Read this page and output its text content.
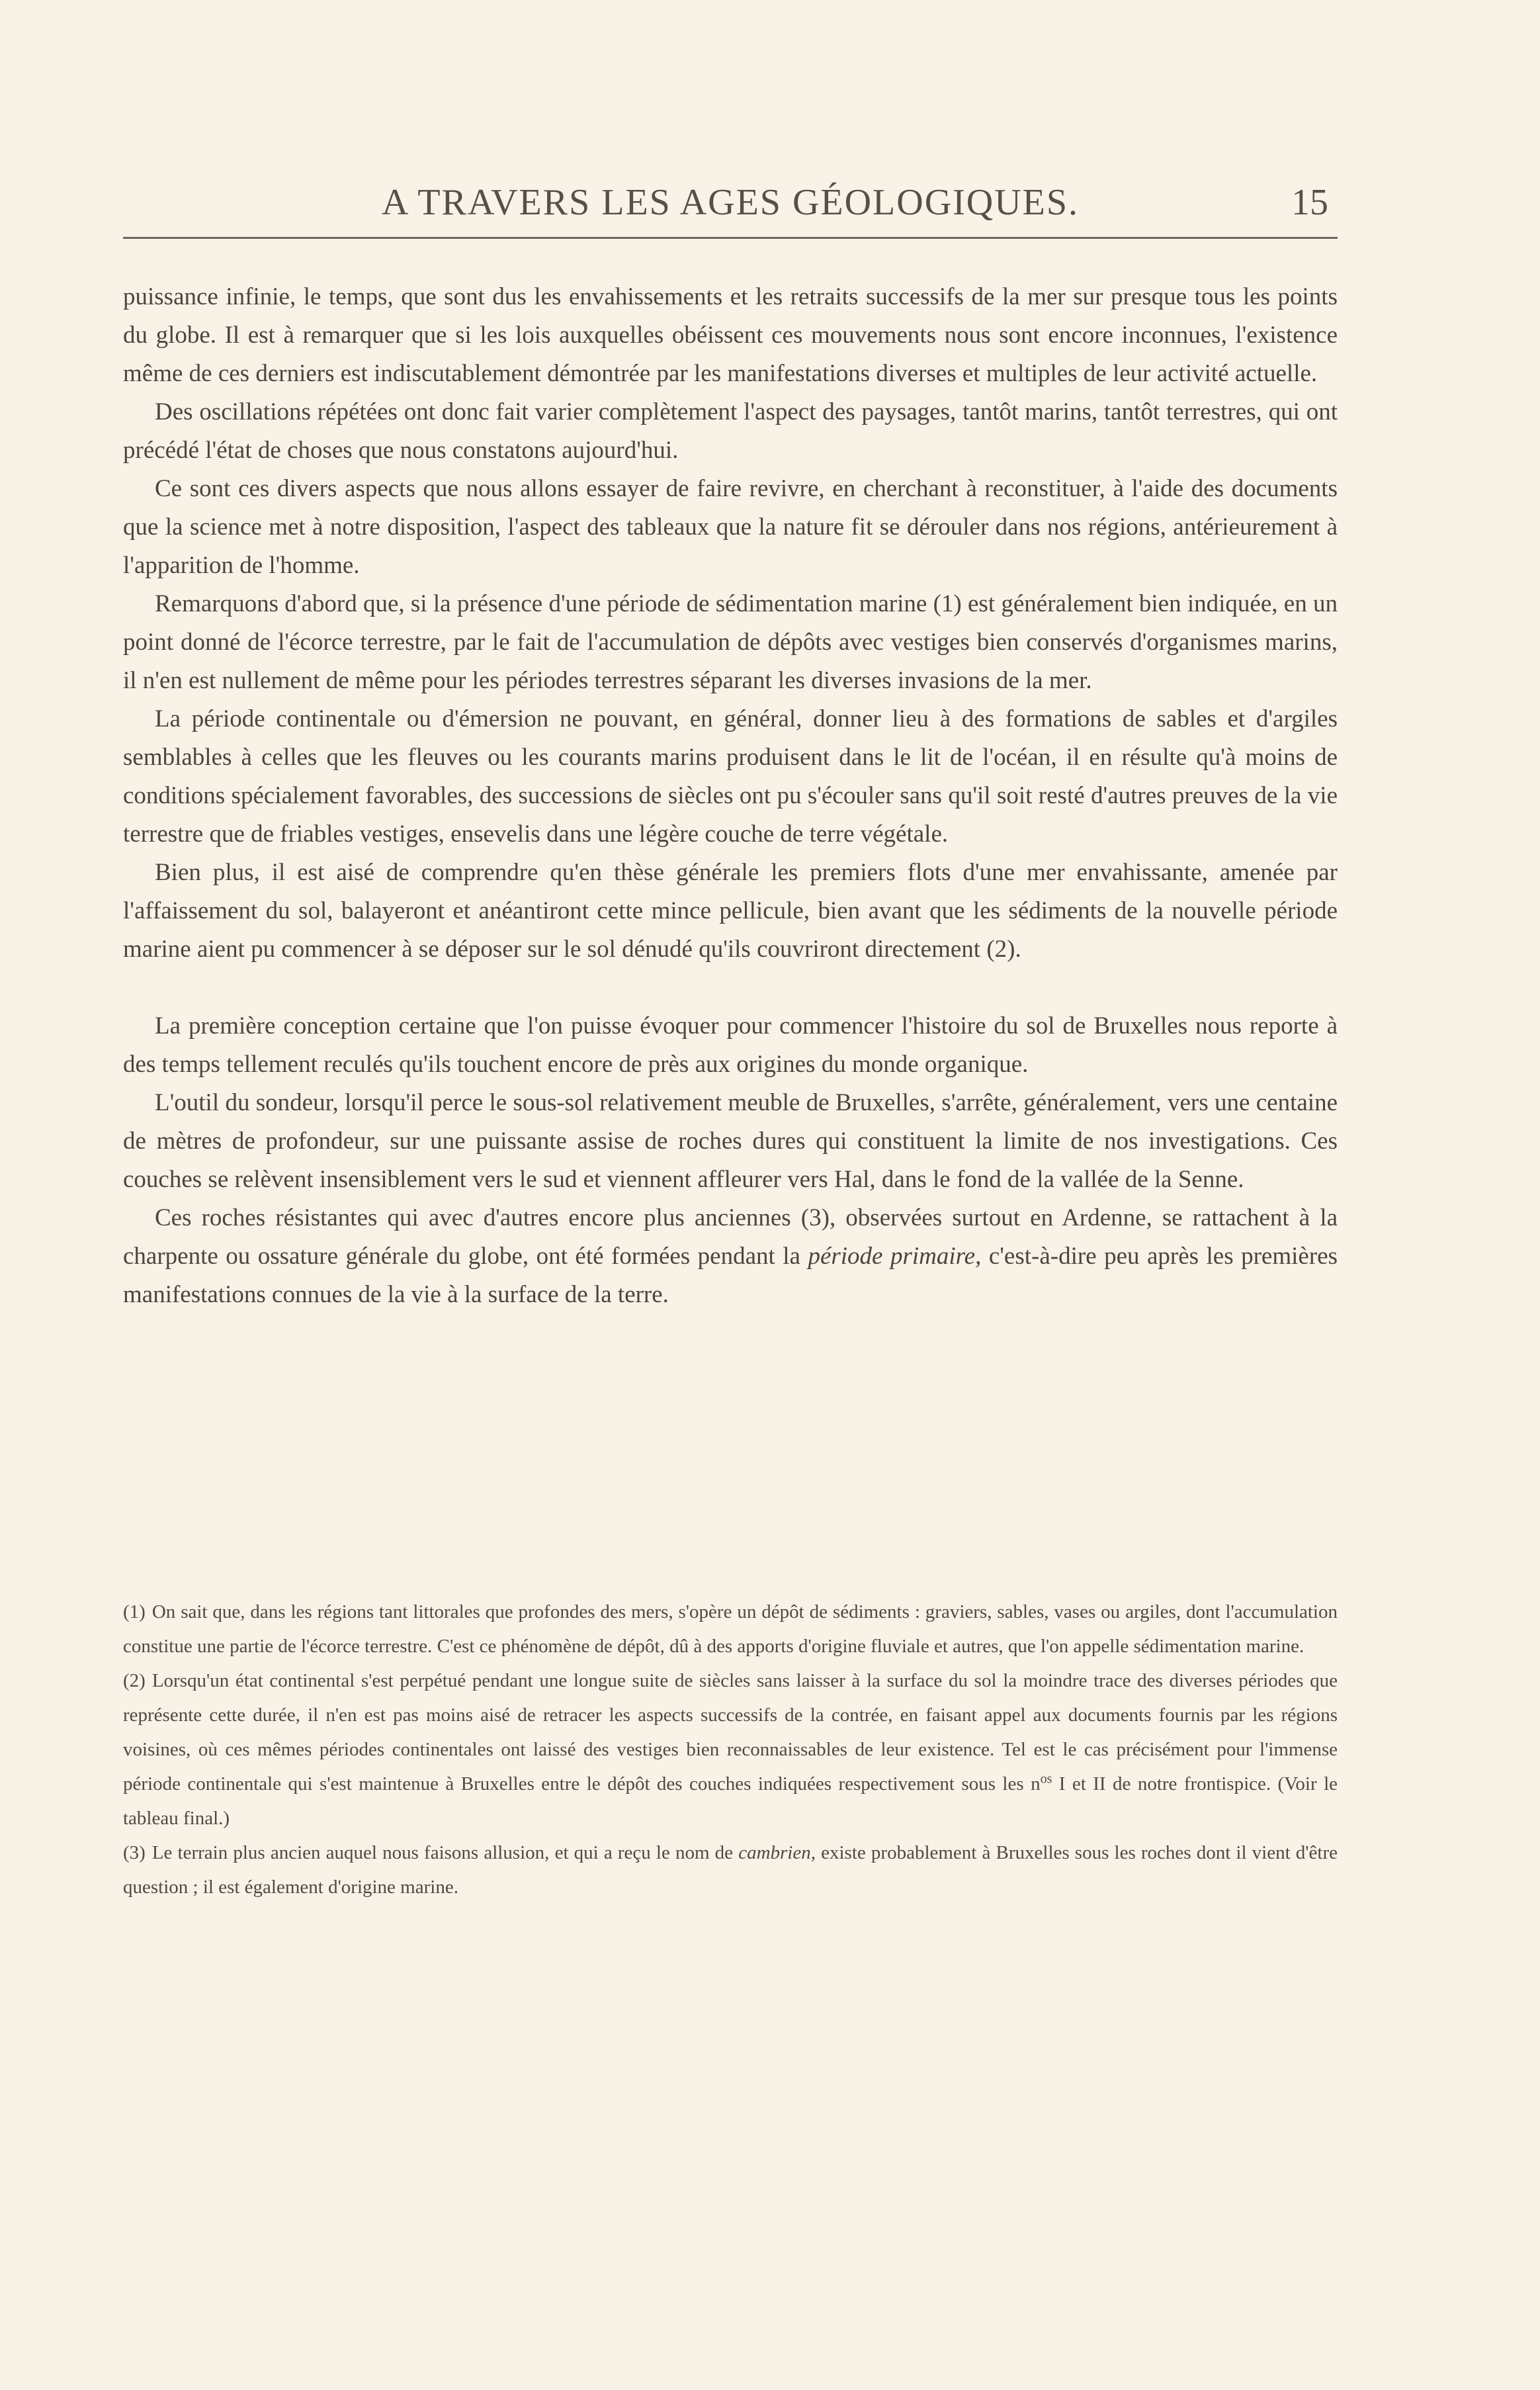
A TRAVERS LES AGES GÉOLOGIQUES.	15

puissance infinie, le temps, que sont dus les envahissements et les retraits successifs de la mer sur presque tous les points du globe. Il est à remarquer que si les lois auxquelles obéissent ces mouvements nous sont encore inconnues, l'existence même de ces derniers est indiscutablement démontrée par les manifestations diverses et multiples de leur activité actuelle.

Des oscillations répétées ont donc fait varier complètement l'aspect des paysages, tantôt marins, tantôt terrestres, qui ont précédé l'état de choses que nous constatons aujourd'hui.

Ce sont ces divers aspects que nous allons essayer de faire revivre, en cherchant à reconstituer, à l'aide des documents que la science met à notre disposition, l'aspect des tableaux que la nature fit se dérouler dans nos régions, antérieurement à l'apparition de l'homme.

Remarquons d'abord que, si la présence d'une période de sédimentation marine (1) est généralement bien indiquée, en un point donné de l'écorce terrestre, par le fait de l'accumulation de dépôts avec vestiges bien conservés d'organismes marins, il n'en est nullement de même pour les périodes terrestres séparant les diverses invasions de la mer.

La période continentale ou d'émersion ne pouvant, en général, donner lieu à des formations de sables et d'argiles semblables à celles que les fleuves ou les courants marins produisent dans le lit de l'océan, il en résulte qu'à moins de conditions spécialement favorables, des successions de siècles ont pu s'écouler sans qu'il soit resté d'autres preuves de la vie terrestre que de friables vestiges, ensevelis dans une légère couche de terre végétale.

Bien plus, il est aisé de comprendre qu'en thèse générale les premiers flots d'une mer envahissante, amenée par l'affaissement du sol, balayeront et anéantiront cette mince pellicule, bien avant que les sédiments de la nouvelle période marine aient pu commencer à se déposer sur le sol dénudé qu'ils couvriront directement (2).

La première conception certaine que l'on puisse évoquer pour commencer l'histoire du sol de Bruxelles nous reporte à des temps tellement reculés qu'ils touchent encore de près aux origines du monde organique.

L'outil du sondeur, lorsqu'il perce le sous-sol relativement meuble de Bruxelles, s'arrête, généralement, vers une centaine de mètres de profondeur, sur une puissante assise de roches dures qui constituent la limite de nos investigations. Ces couches se relèvent insensiblement vers le sud et viennent affleurer vers Hal, dans le fond de la vallée de la Senne.

Ces roches résistantes qui avec d'autres encore plus anciennes (3), observées surtout en Ardenne, se rattachent à la charpente ou ossature générale du globe, ont été formées pendant la période primaire, c'est-à-dire peu après les premières manifestations connues de la vie à la surface de la terre.

(1) On sait que, dans les régions tant littorales que profondes des mers, s'opère un dépôt de sédiments : graviers, sables, vases ou argiles, dont l'accumulation constitue une partie de l'écorce terrestre. C'est ce phénomène de dépôt, dû à des apports d'origine fluviale et autres, que l'on appelle sédimentation marine.

(2) Lorsqu'un état continental s'est perpétué pendant une longue suite de siècles sans laisser à la surface du sol la moindre trace des diverses périodes que représente cette durée, il n'en est pas moins aisé de retracer les aspects successifs de la contrée, en faisant appel aux documents fournis par les régions voisines, où ces mêmes périodes continentales ont laissé des vestiges bien reconnaissables de leur existence. Tel est le cas précisément pour l'immense période continentale qui s'est maintenue à Bruxelles entre le dépôt des couches indiquées respectivement sous les $n^{os}$ I et II de notre frontispice. (Voir le tableau final.)

(3) Le terrain plus ancien auquel nous faisons allusion, et qui a reçu le nom de cambrien, existe probablement à Bruxelles sous les roches dont il vient d'être question ; il est également d'origine marine.
